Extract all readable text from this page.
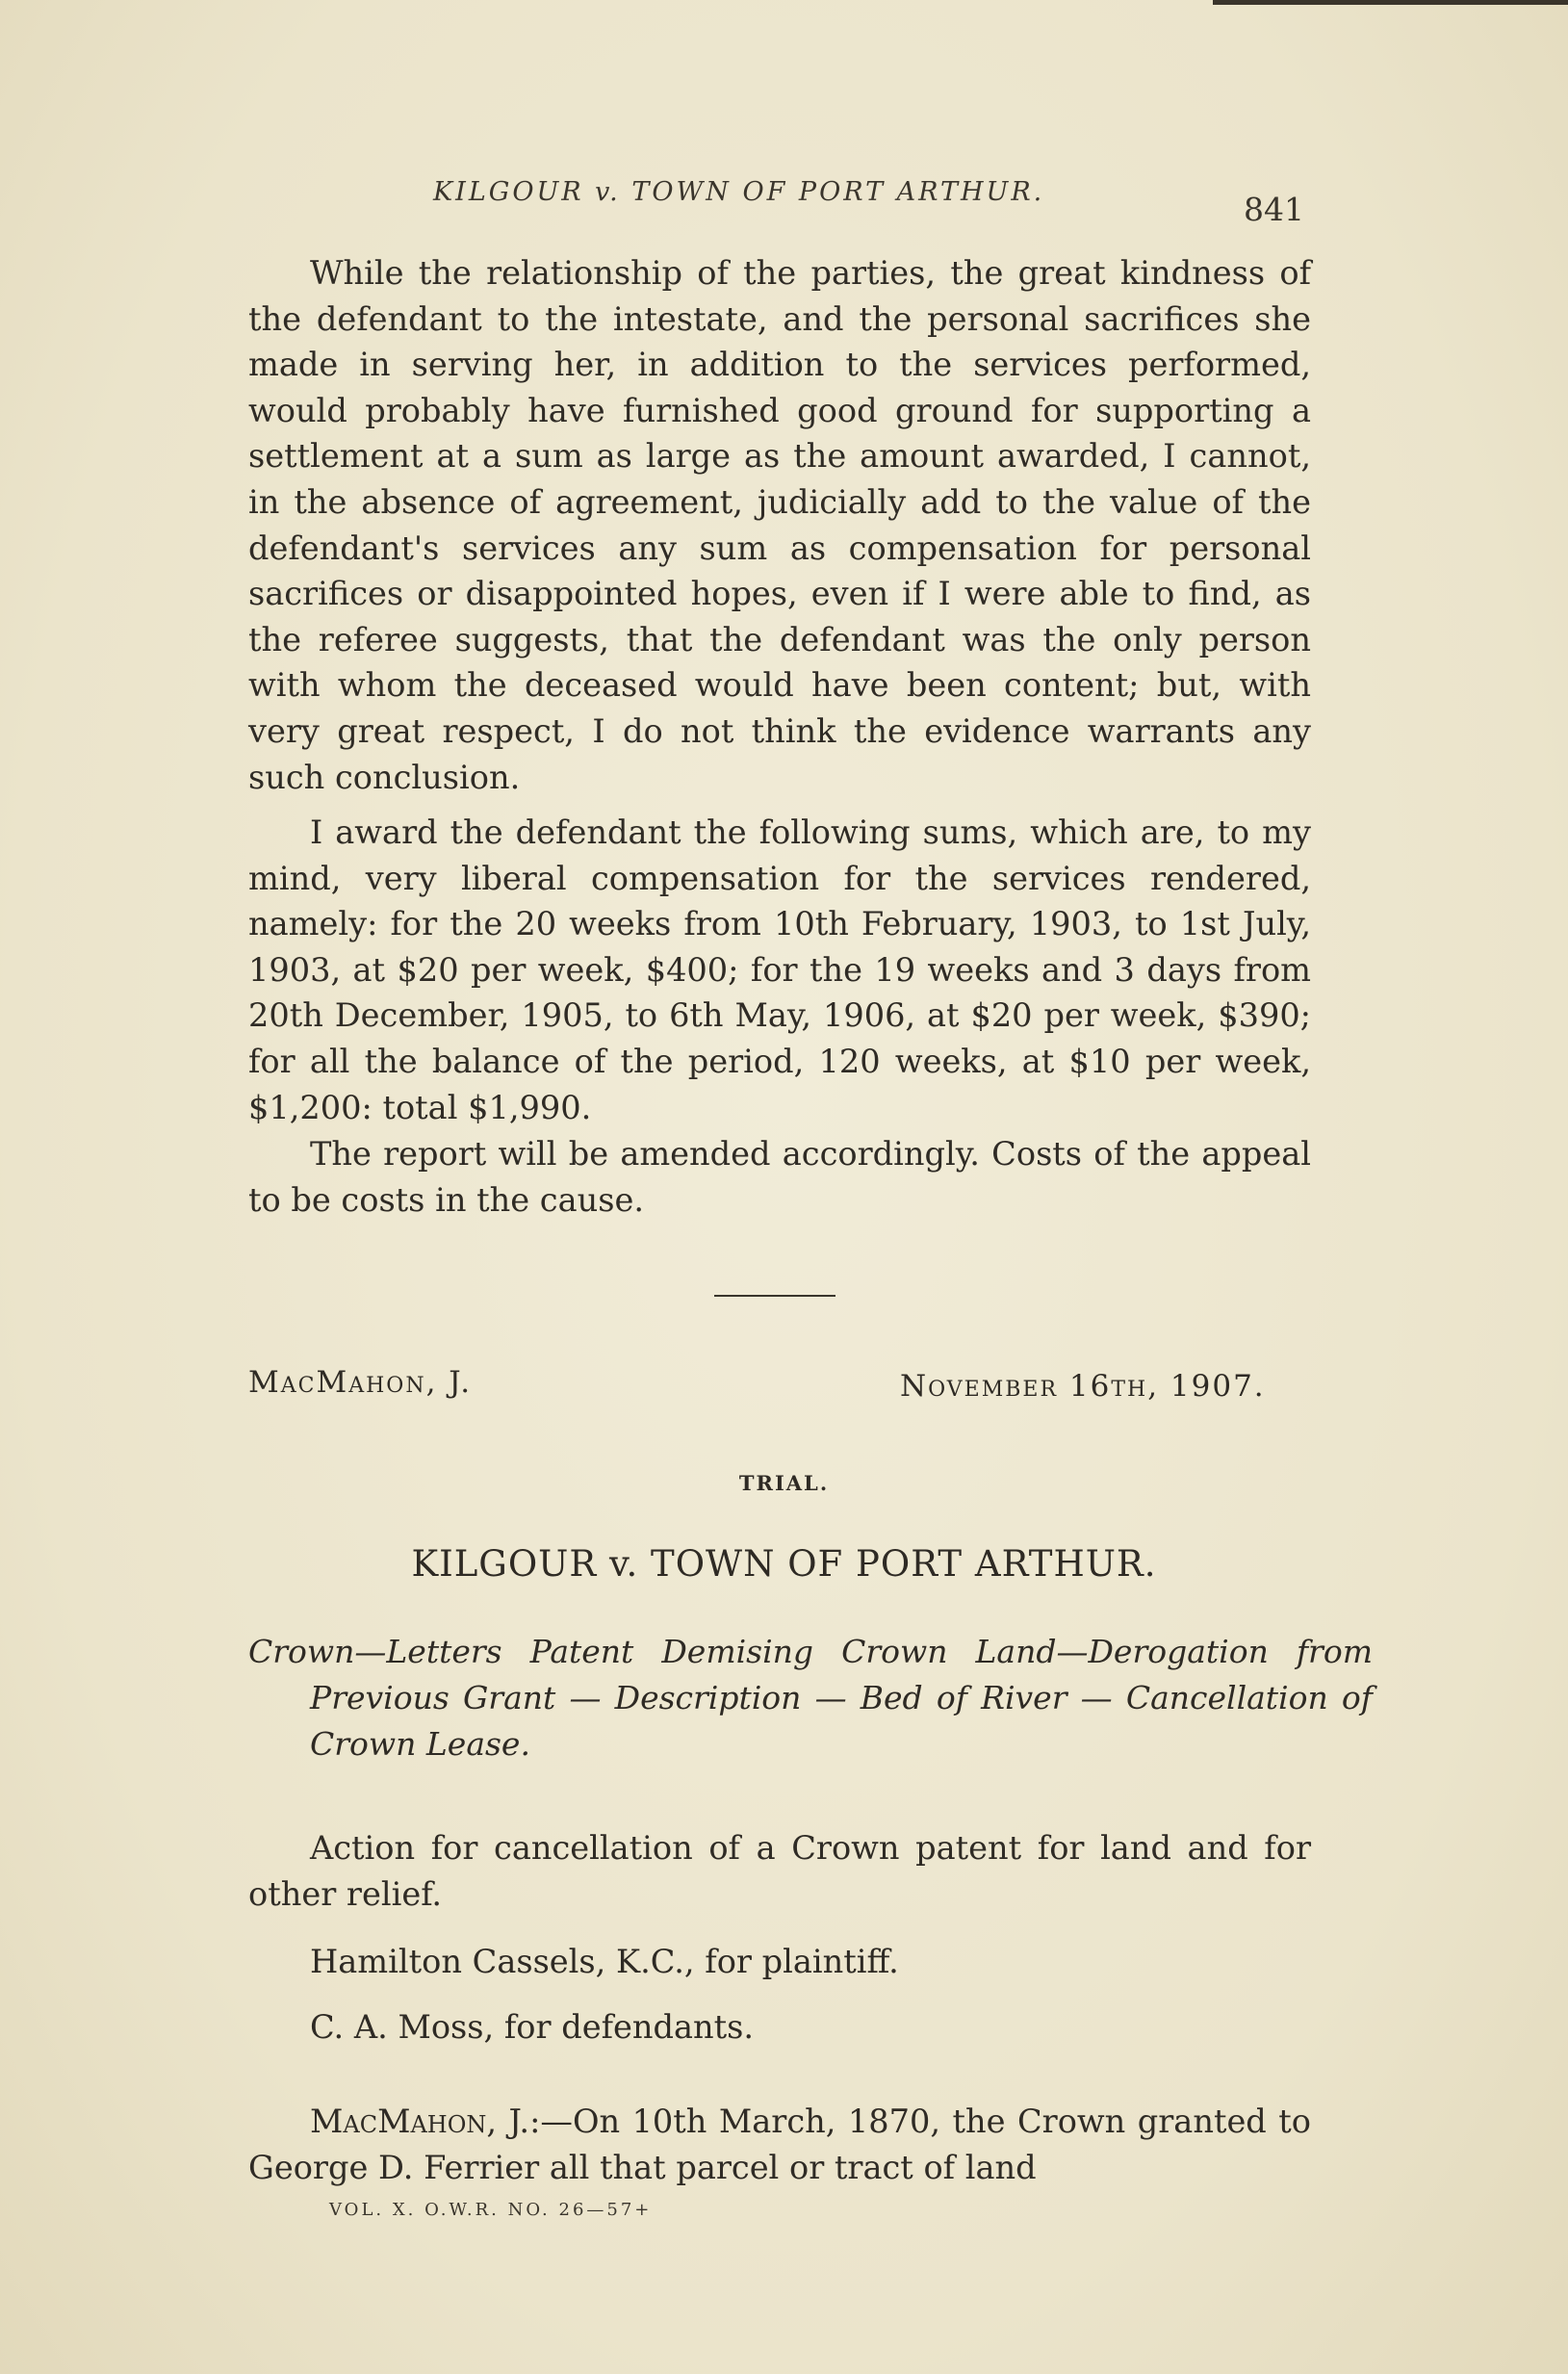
KILGOUR v. TOWN OF PORT ARTHUR.	841

While the relationship of the parties, the great kindness of the defendant to the intestate, and the personal sacrifices she made in serving her, in addition to the services performed, would probably have furnished good ground for supporting a settlement at a sum as large as the amount awarded, I cannot, in the absence of agreement, judicially add to the value of the defendant's services any sum as compensation for personal sacrifices or disappointed hopes, even if I were able to find, as the referee suggests, that the defendant was the only person with whom the deceased would have been content; but, with very great respect, I do not think the evidence warrants any such conclusion.

I award the defendant the following sums, which are, to my mind, very liberal compensation for the services rendered, namely: for the 20 weeks from 10th February, 1903, to 1st July, 1903, at $20 per week, $400; for the 19 weeks and 3 days from 20th December, 1905, to 6th May, 1906, at $20 per week, $390; for all the balance of the period, 120 weeks, at $10 per week, $1,200: total $1,990.

The report will be amended accordingly. Costs of the appeal to be costs in the cause.

MacMahon, J.	November 16th, 1907.
TRIAL.
KILGOUR v. TOWN OF PORT ARTHUR.

Crown—Letters Patent Demising Crown Land—Derogation from Previous Grant — Description — Bed of River — Cancellation of Crown Lease.

Action for cancellation of a Crown patent for land and for other relief.

Hamilton Cassels, K.C., for plaintiff.

C. A. Moss, for defendants.

MacMahon, J.:—On 10th March, 1870, the Crown granted to George D. Ferrier all that parcel or tract of land

VOL. X. O.W.R. NO. 26—57+
